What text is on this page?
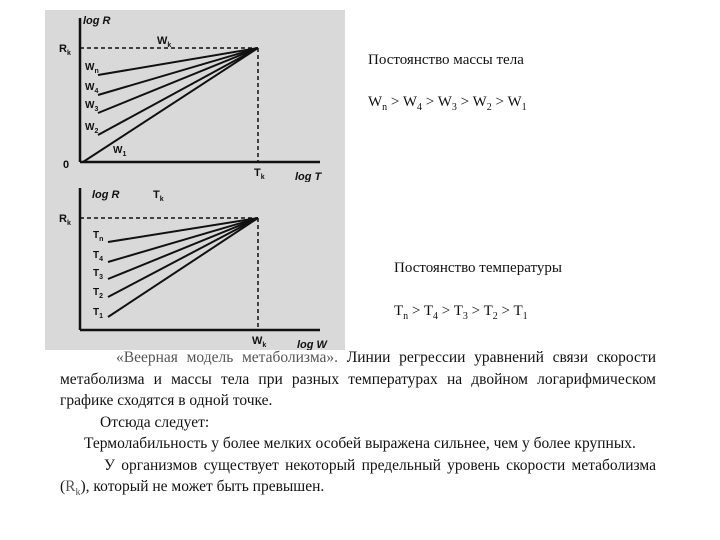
log R
log T
$R_k$
0
$W_k$
$T_k$
$W_n$
$W_4$
$W_3$
$W_2$
$W_1$
log R
log W
$R_k$
$T_k$
$W_k$
$T_n$
$T_4$
$T_3$
$T_2$
$T_1$
Постоянство массы тела
$W_n > W_4 > W_3 > W_2 > W_1$
Постоянство температуры
$T_n > T_4 > T_3 > T_2 > T_1$

«Веерная модель метаболизма». Линии регрессии уравнений связи скорости метаболизма и массы тела при разных температурах на двойном логарифмическом графике сходятся в одной точке.

Отсюда следует:

Термолабильность у более мелких особей выражена сильнее, чем у более крупных.

У организмов существует некоторый предельный уровень скорости метаболизма $(R_k)$, который не может быть превышен.
